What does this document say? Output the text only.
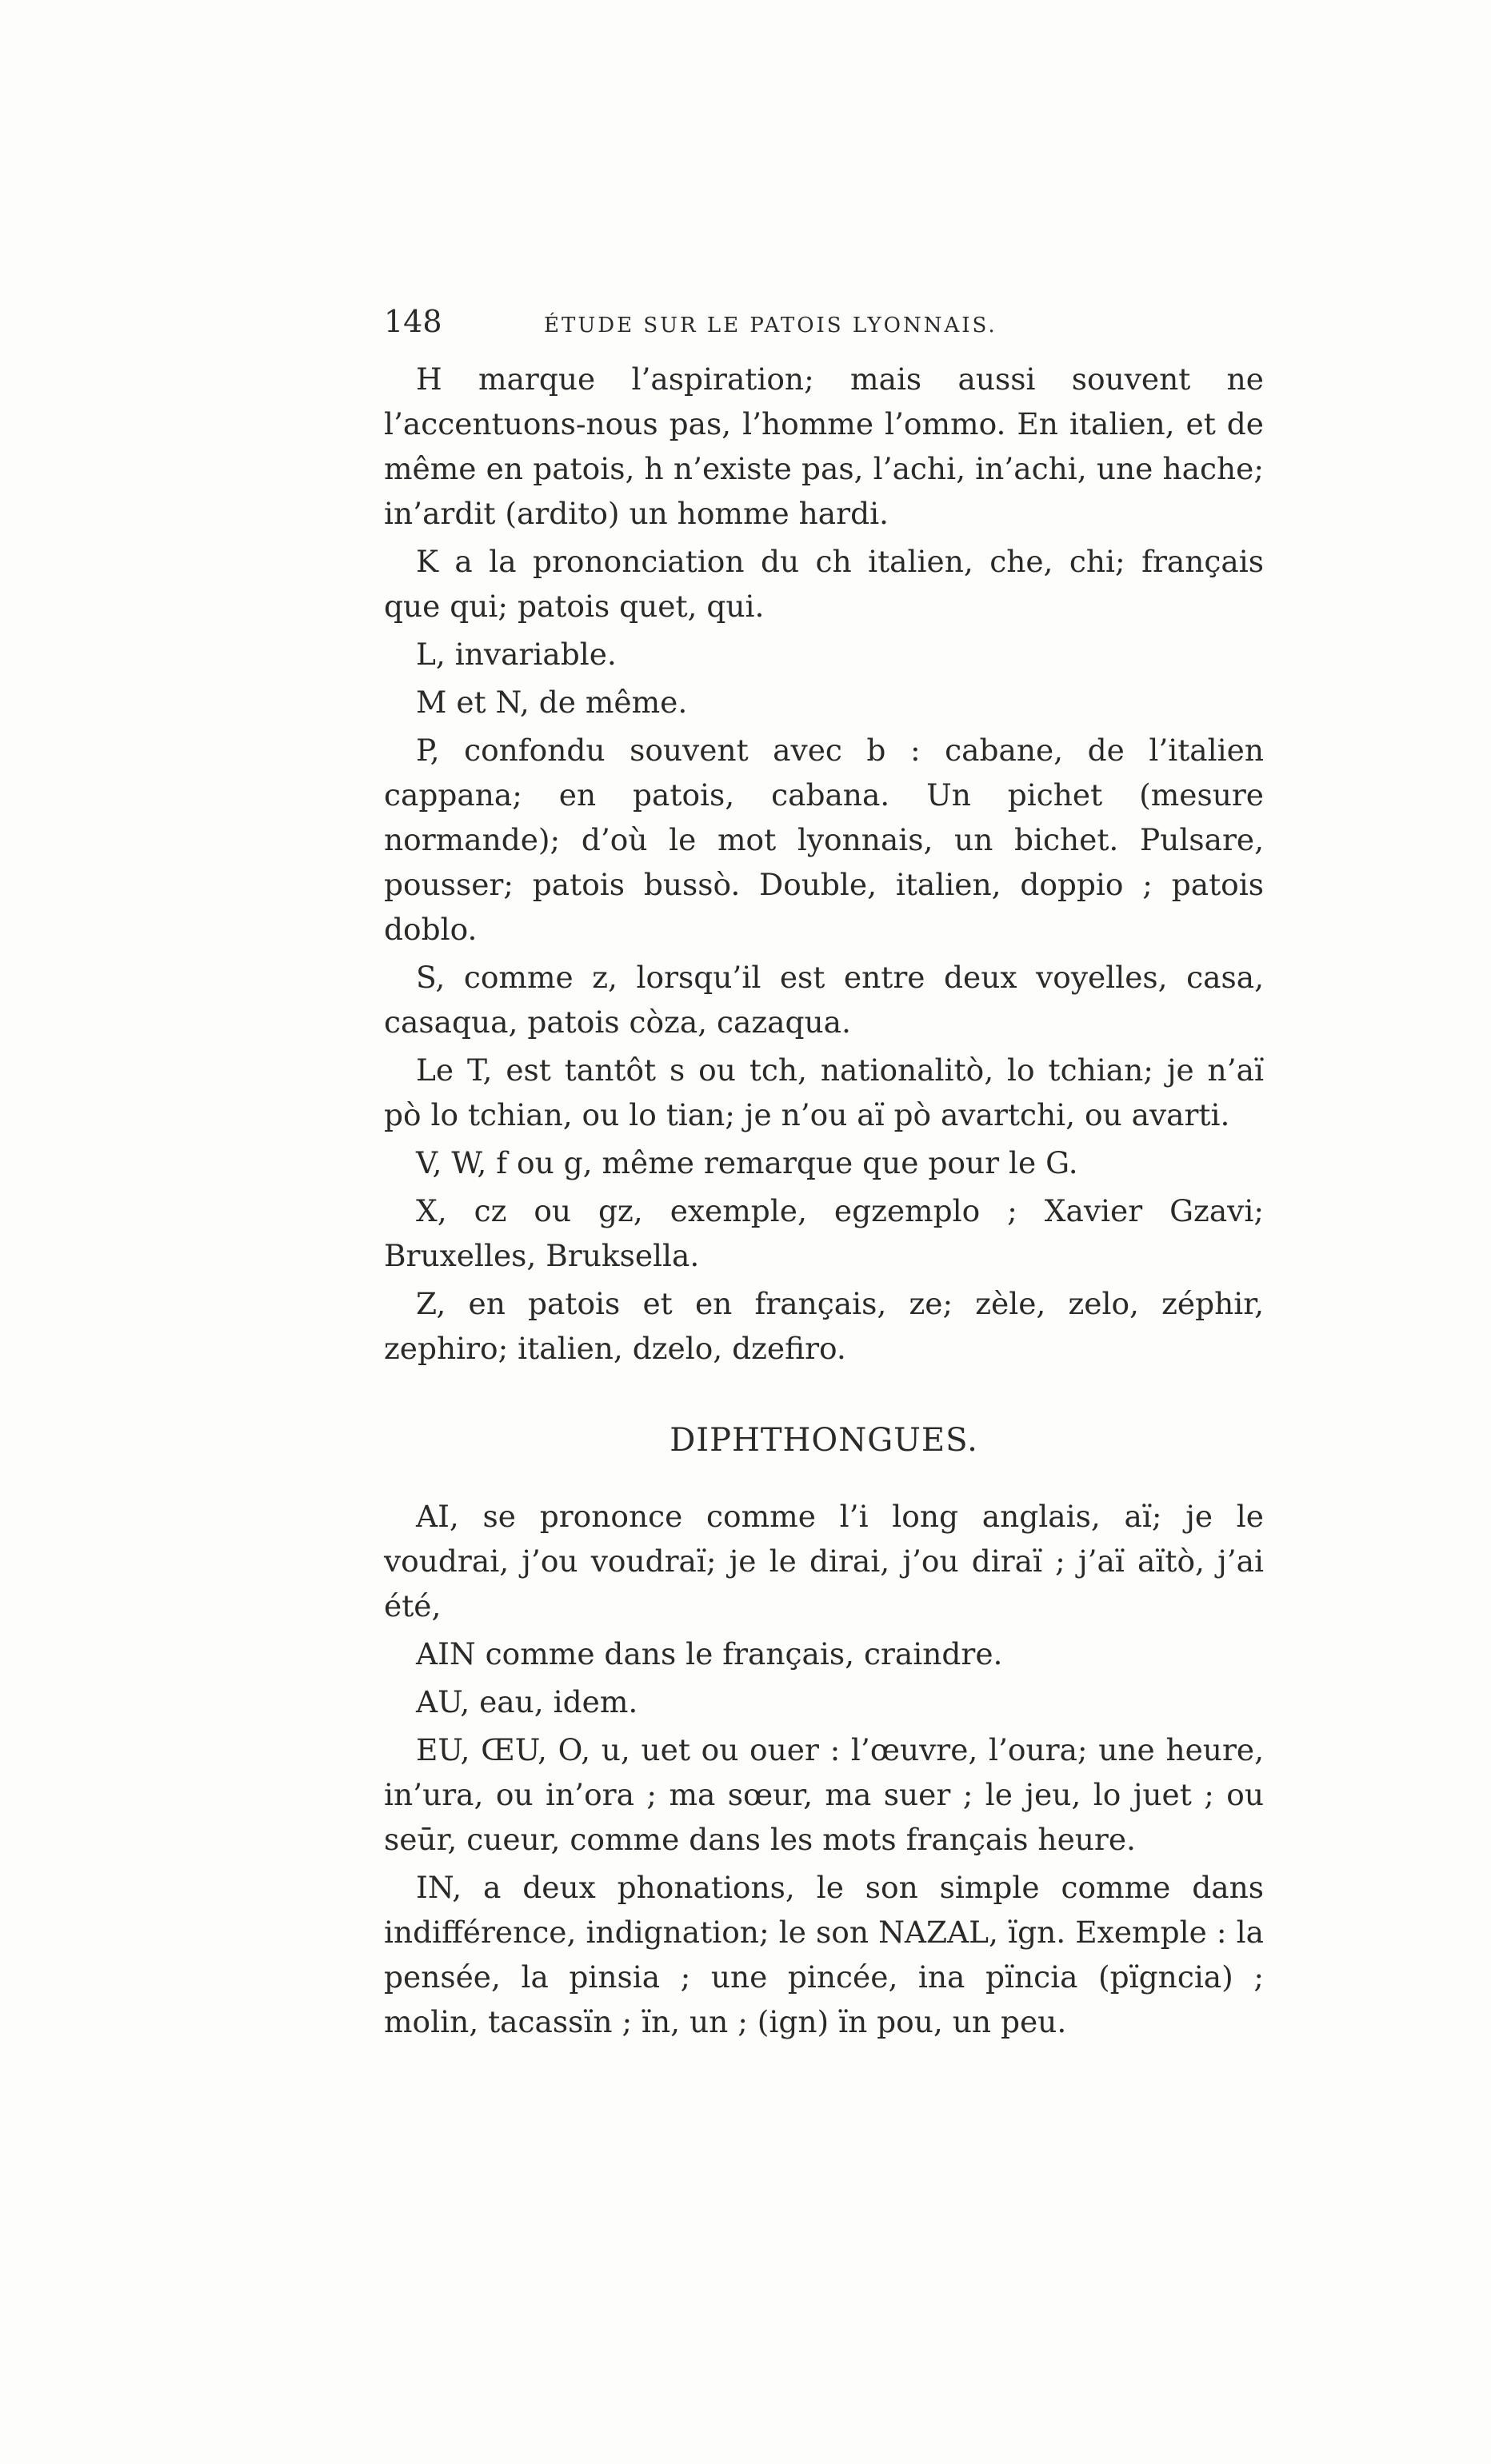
148	ÉTUDE SUR LE PATOIS LYONNAIS.

H marque l’aspiration; mais aussi souvent ne l’accentuons-nous pas, l’homme l’ommo. En italien, et de même en patois, h n’existe pas, l’achi, in’achi, une hache; in’ardit (ardito) un homme hardi.

K a la prononciation du ch italien, che, chi; français que qui; patois quet, qui.

L, invariable.

M et N, de même.

P, confondu souvent avec b : cabane, de l’italien cappana; en patois, cabana. Un pichet (mesure normande); d’où le mot lyonnais, un bichet. Pulsare, pousser; patois bussò. Double, italien, doppio ; patois doblo.

S, comme z, lorsqu’il est entre deux voyelles, casa, casaqua, patois còza, cazaqua.

Le T, est tantôt s ou tch, nationalitò, lo tchian; je n’aï pò lo tchian, ou lo tian; je n’ou aï pò avartchi, ou avarti.

V, W, f ou g, même remarque que pour le G.

X, cz ou gz, exemple, egzemplo ; Xavier Gzavi; Bruxelles, Bruksella.

Z, en patois et en français, ze; zèle, zelo, zéphir, zephiro; italien, dzelo, dzefiro.

DIPHTHONGUES.

AI, se prononce comme l’i long anglais, aï; je le voudrai, j’ou voudraï; je le dirai, j’ou diraï ; j’aï aïtò, j’ai été,

AIN comme dans le français, craindre.

AU, eau, idem.

EU, ŒU, O, u, uet ou ouer : l’œuvre, l’oura; une heure, in’ura, ou in’ora ; ma sœur, ma suer ; le jeu, lo juet ; ou seūr, cueur, comme dans les mots français heure.

IN, a deux phonations, le son simple comme dans indifférence, indignation; le son NAZAL, ïgn. Exemple : la pensée, la pinsia ; une pincée, ina pïncia (pïgncia) ; molin, tacassïn ; ïn, un ; (ign) ïn pou, un peu.
